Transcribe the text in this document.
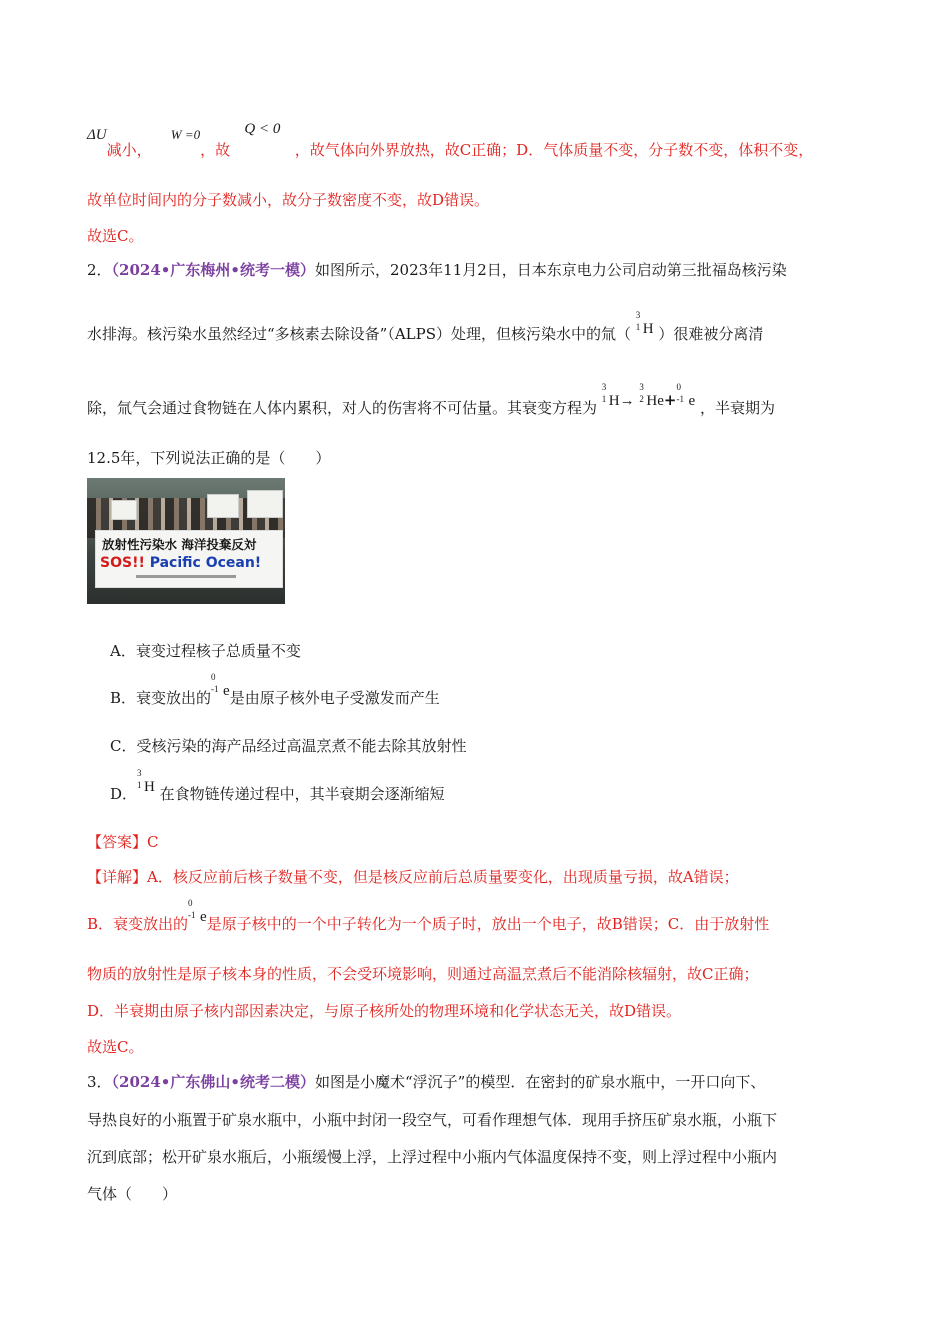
ΔU减小，    W =0，故   Q < 0   ，故气体向外界放热，故C正确；D．气体质量不变，分子数不变，体积不变，
故单位时间内的分子数减小，故分子数密度不变，故D错误。
故选C。
2．（2024•广东梅州•统考一模）如图所示，2023年11月2日，日本东京电力公司启动第三批福岛核污染
水排海。核污染水虽然经过“多核素去除设备”（ALPS）处理，但核污染水中的氚（
3
1 H ）很难被分离清
除，氚气会通过食物链在人体内累积，对人的伤害将不可估量。其衰变方程为
3
1 H→
3
2 He+
0
-1 e ，半衰期为
12.5年，下列说法正确的是（　　）
放射性污染水 海洋投棄反対
SOS!! Pacific Ocean!
A．衰变过程核子总质量不变
B．衰变放出的
0
-1 e是由原子核外电子受激发而产生
C．受核污染的海产品经过高温烹煮不能去除其放射性
D．
3
1 H 在食物链传递过程中，其半衰期会逐渐缩短
【答案】C
【详解】A．核反应前后核子数量不变，但是核反应前后总质量要变化，出现质量亏损，故A错误；
B．衰变放出的
0
-1 e是原子核中的一个中子转化为一个质子时，放出一个电子，故B错误；C．由于放射性
物质的放射性是原子核本身的性质，不会受环境影响，则通过高温烹煮后不能消除核辐射，故C正确；
D．半衰期由原子核内部因素决定，与原子核所处的物理环境和化学状态无关，故D错误。
故选C。
3．（2024•广东佛山•统考二模）如图是小魔术“浮沉子”的模型．在密封的矿泉水瓶中，一开口向下、
导热良好的小瓶置于矿泉水瓶中，小瓶中封闭一段空气，可看作理想气体．现用手挤压矿泉水瓶，小瓶下
沉到底部；松开矿泉水瓶后，小瓶缓慢上浮，上浮过程中小瓶内气体温度保持不变，则上浮过程中小瓶内
气体（　　）
